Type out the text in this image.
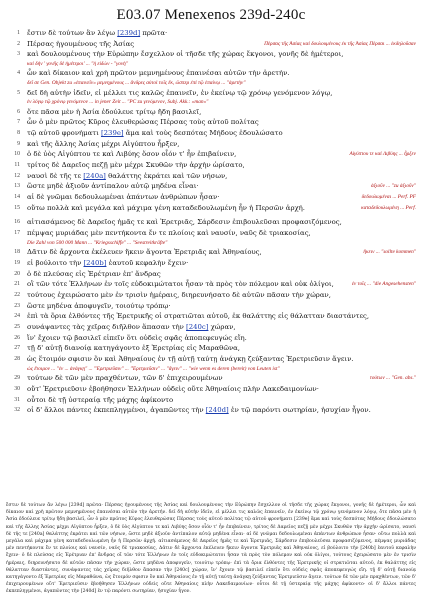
E03.07 Menexenos 239d-240c
1 ἔστιν δὲ τούτων ἃν λέγω [239d] πρῶτα·
2 Πέρσας ἡγουμένους τῆς Ἀσίας	Πέρσας τῆς Ἀσίας καὶ δουλουμένους ἐκ τῆς Ἀσίας Πέρσαι ... ἐκδηλοῦσαν
3 καὶ δουλουμένους τὴν Εὐρώπην ἔσχελλον οἱ τῆσδε τῆς χώρας ἔκγονοι, γονῆς δὲ ἡμέτεροι,
καὶ δὴν ' γονῆς δὲ ἡμέτεροι' ... "ἡ εἰδὼν - "γονὴ"
4 ὧν καὶ δίκαιον καὶ χρὴ πρῶτον μεμνημένους ἐπαινέσαι αὐτῶν τὴν ἀρετήν.
δεῖ σε Gen. Objekt zu »ἐπαινεῖν« μεμνημένους ... ἄνδρες αὐτοὶ τοῖς ἔκ, ὥσπερ ἐπὶ τῷ ἐπαίνῳ ... "ἀρετὴν"
5 δεῖ δὴ αὐτὴν ἰδεῖν, εἰ μέλλει τις καλῶς ἐπαινεῖν, ἐν ἐκείνῳ τῷ χρόνῳ γενόμενον λόγῳ,
ἐν λόγῳ τῷ χρόνῳ γενόμενον ... in jener Zeit ... "PC zu γενόμενον, Subj. Akk.: »man«"
6 ὅτε πᾶσα μὲν ἡ Ἀσία ἐδούλευε τρίτῳ ἤδη βασιλεῖ,
7 ὧν ὁ μὲν πρῶτος Κῦρος ἐλευθερώσας Πέρσας τοὺς αὑτοῦ πολίτας
8 τῷ αὑτοῦ φρονήματι [239e] ἅμα καὶ τοὺς δεσπότας Μήδους ἐδουλώσατο
9 καὶ τῆς ἄλλης Ἀσίας μέχρι Αἰγύπτου ἦρξεν,
10 ὁ δὲ ὑὸς Αἰγύπτου τε καὶ Λιβύης ὅσον οἷόν τ' ἦν ἐπιβαίνειν,	Αἰγύπτου τε καὶ Λιβύης ... ἦρξεν
11 τρίτος δὲ Δαρεῖος πεζῇ μὲν μέχρι Σκυθῶν τὴν ἀρχὴν ὡρίσατο,
12 ναυσὶ δὲ τῆς τε [240a] θαλάττης ἐκράτει καὶ τῶν νήσων,
13 ὥστε μηδὲ ἀξιοῦν ἀντίπαλον αὐτῷ μηδένα εἶναι·	ἀξιοῦν ... "zu ἀξιοῦν"
14 αἱ δὲ γνῶμαι δεδουλωμέναι ἁπάντων ἀνθρώπων ἦσαν·	δεδουλωμέναι ... Perf. PF
15 οὕτω πολλὰ καὶ μεγάλα καὶ μάχιμα γένη καταδεδουλωμένη ἦν ἡ Περσῶν ἀρχή.	καταδεδουλωμένη ... Perf.
16 αἰτιασάμενος δὲ Δαρεῖος ἡμᾶς τε καὶ Ἐρετριᾶς, Σάρδεσιν ἐπιβουλεῦσαι προφασιζόμενος,
17 πέμψας μυριάδας μὲν πεντήκοντα ἔν τε πλοίοις καὶ ναυσίν, ναῦς δὲ τριακοσίας,
Die Zahl von 500 000 Mann ... "Kriegsschiffe" ... "Seestreitkräfte"
18 Δᾶτιν δὲ ἄρχοντα ἐκέλευεν ἥκειν ἄγοντα Ἐρετριᾶς καὶ Ἀθηναίους,	ἥκειν ... "sollte kommen"
19 εἰ βούλοιτο τὴν [240b] ἑαυτοῦ κεφαλὴν ἔχειν·
20 ὁ δὲ πλεύσας εἰς Ἐρέτριαν ἐπ' ἄνδρας
21 οἳ τῶν τότε Ἑλλήνων ἐν τοῖς εὐδοκιμώτατοι ἦσαν τὰ πρὸς τὸν πόλεμον καὶ οὐκ ὀλίγοι,	ἐν τοῖς ... "die Angesehensten"
22 τούτους ἐχειρώσατο μὲν ἐν τρισὶν ἡμέραις, διηρευνήσατο δὲ αὐτῶν πᾶσαν τὴν χώραν,
23 ὥστε μηδένα ἀποφυγεῖν, τοιούτῳ τρόπῳ·
24 ἐπὶ τὰ ὅρια ἐλθόντες τῆς Ἐρετρικῆς οἱ στρατιῶται αὐτοῦ, ἐκ θαλάττης εἰς θάλατταν διαστάντες,
25 συνάψαντες τὰς χεῖρας διῆλθον ἅπασαν τὴν [240c] χώραν,
26 ἵν' ἔχοιεν τῷ βασιλεῖ εἰπεῖν ὅτι οὐδεὶς σφᾶς ἀποπεφευγώς εἴη.
27 τῇ δ' αὐτῇ διανοίᾳ κατηγάγοντο ἐξ Ἐρετρίας εἰς Μαραθῶνα,
28 ὡς ἕτοιμόν σφισιν ὂν καὶ Ἀθηναίους ἐν τῇ αὐτῇ ταύτῃ ἀνάγκῃ ζεύξαντας Ἐρετριεῦσιν ἄγειν.
ὡς ἕτοιμον ... "ἐν ... ἀνάγκῃ" ... "Ἐρετριεῦσιν" ... "Ἐρετριεῦσιν" ... "ἄγειν" ... "wie wenn es deren (bereit) von Leuten ist"
29 τούτων δὲ τῶν μὲν πραχθέντων, τῶν δ' ἐπιχειρουμένων	τούτων ... "Gen. abs."
30 οὔτ' Ἐρετριεῦσιν ἐβοήθησεν Ἑλλήνων οὐδεὶς οὔτε Ἀθηναίοις πλὴν Λακεδαιμονίων·
31 οὗτοι δὲ τῇ ὑστεραίᾳ τῆς μάχης ἀφίκοντο
32 οἱ δ' ἄλλοι πάντες ἐκπεπληγμένοι, ἀγαπῶντες τὴν [240d] ἐν τῷ παρόντι σωτηρίαν, ἡσυχίαν ἦγον.
ἔστιν δὲ τούτων ἃν λέγω [239d] πρῶτα· Πέρσας ἡγουμένους τῆς Ἀσίας καὶ δουλουμένους τὴν Εὐρώπην ἔσχελλον οἱ τῆσδε τῆς χώρας ἔκγονοι, γονῆς δὲ ἡμέτεροι, ὧν καὶ δίκαιον καὶ χρὴ πρῶτον μεμνημένους ἐπαινέσαι αὐτῶν τὴν ἀρετήν. δεῖ δὴ αὐτὴν ἰδεῖν, εἰ μέλλει τις καλῶς ἐπαινεῖν, ἐν ἐκείνῳ τῷ χρόνῳ γενόμενον λόγῳ, ὅτε πᾶσα μὲν ἡ Ἀσία ἐδούλευε τρίτῳ ἤδη βασιλεῖ, ὧν ὁ μὲν πρῶτος Κῦρος ἐλευθερώσας Πέρσας τοὺς αὑτοῦ πολίτας τῷ αὑτοῦ φρονήματι [239e] ἅμα καὶ τοὺς δεσπότας Μήδους ἐδουλώσατο καὶ τῆς ἄλλης Ἀσίας μέχρι Αἰγύπτου ἦρξεν, ὁ δὲ ὑὸς Αἰγύπτου τε καὶ Λιβύης ὅσον οἷόν τ' ἦν ἐπιβαίνειν, τρίτος δὲ Δαρεῖος πεζῇ μὲν μέχρι Σκυθῶν τὴν ἀρχὴν ὡρίσατο, ναυσὶ δὲ τῆς τε [240a] θαλάττης ἐκράτει καὶ τῶν νήσων, ὥστε μηδὲ ἀξιοῦν ἀντίπαλον αὐτῷ μηδένα εἶναι· αἱ δὲ γνῶμαι δεδουλωμέναι ἁπάντων ἀνθρώπων ἦσαν· οὕτω πολλὰ καὶ μεγάλα καὶ μάχιμα γένη καταδεδουλωμένη ἦν ἡ Περσῶν ἀρχή. αἰτιασάμενος δὲ Δαρεῖος ἡμᾶς τε καὶ Ἐρετριᾶς, Σάρδεσιν ἐπιβουλεῦσαι προφασιζόμενος, πέμψας μυριάδας μὲν πεντήκοντα ἔν τε πλοίοις καὶ ναυσίν, ναῦς δὲ τριακοσίας, Δᾶτιν δὲ ἄρχοντα ἐκέλευεν ἥκειν ἄγοντα Ἐρετριᾶς καὶ Ἀθηναίους, εἰ βούλοιτο τὴν [240b] ἑαυτοῦ κεφαλὴν ἔχειν· ὁ δὲ πλεύσας εἰς Ἐρέτριαν ἐπ' ἄνδρας οἳ τῶν τότε Ἑλλήνων ἐν τοῖς εὐδοκιμώτατοι ἦσαν τὰ πρὸς τὸν πόλεμον καὶ οὐκ ὀλίγοι, τούτους ἐχειρώσατο μὲν ἐν τρισὶν ἡμέραις, διηρευνήσατο δὲ αὐτῶν πᾶσαν τὴν χώραν, ὥστε μηδένα ἀποφυγεῖν, τοιούτῳ τρόπῳ· ἐπὶ τὰ ὅρια ἐλθόντες τῆς Ἐρετρικῆς οἱ στρατιῶται αὐτοῦ, ἐκ θαλάττης εἰς θάλατταν διαστάντες, συνάψαντες τὰς χεῖρας διῆλθον ἅπασαν τὴν [240c] χώραν, ἵν' ἔχοιεν τῷ βασιλεῖ εἰπεῖν ὅτι οὐδεὶς σφᾶς ἀποπεφευγώς εἴη. τῇ δ' αὐτῇ διανοίᾳ κατηγάγοντο ἐξ Ἐρετρίας εἰς Μαραθῶνα, ὡς ἕτοιμόν σφισιν ὂν καὶ Ἀθηναίους ἐν τῇ αὐτῇ ταύτῃ ἀνάγκῃ ζεύξαντας Ἐρετριεῦσιν ἄγειν. τούτων δὲ τῶν μὲν πραχθέντων, τῶν δ' ἐπιχειρουμένων οὔτ' Ἐρετριεῦσιν ἐβοήθησεν Ἑλλήνων οὐδεὶς οὔτε Ἀθηναίοις πλὴν Λακεδαιμονίων· οὗτοι δὲ τῇ ὑστεραίᾳ τῆς μάχης ἀφίκοντο· οἱ δ' ἄλλοι πάντες ἐκπεπληγμένοι, ἀγαπῶντες τὴν [240d] ἐν τῷ παρόντι σωτηρίαν, ἡσυχίαν ἦγον.
